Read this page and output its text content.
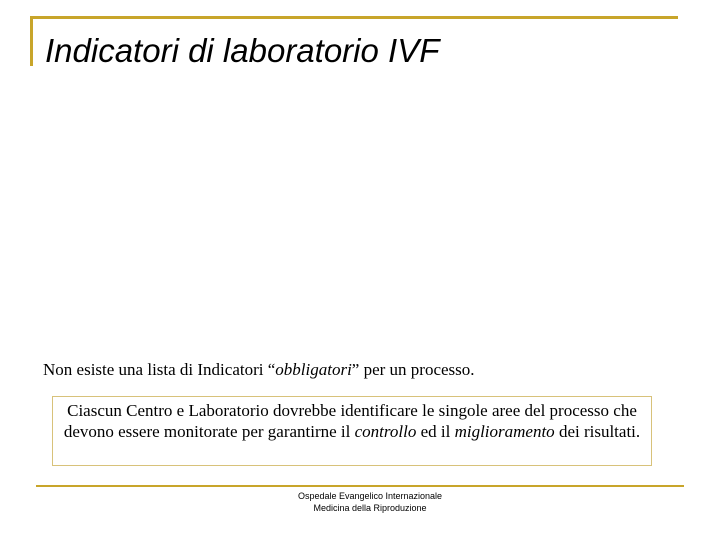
Indicatori di laboratorio IVF
Non esiste una lista di Indicatori “obbligatori” per un processo.
Ciascun Centro e Laboratorio dovrebbe identificare le singole aree del processo che devono essere monitorate per garantirne il controllo ed il miglioramento dei risultati.
Ospedale Evangelico Internazionale
Medicina della Riproduzione
